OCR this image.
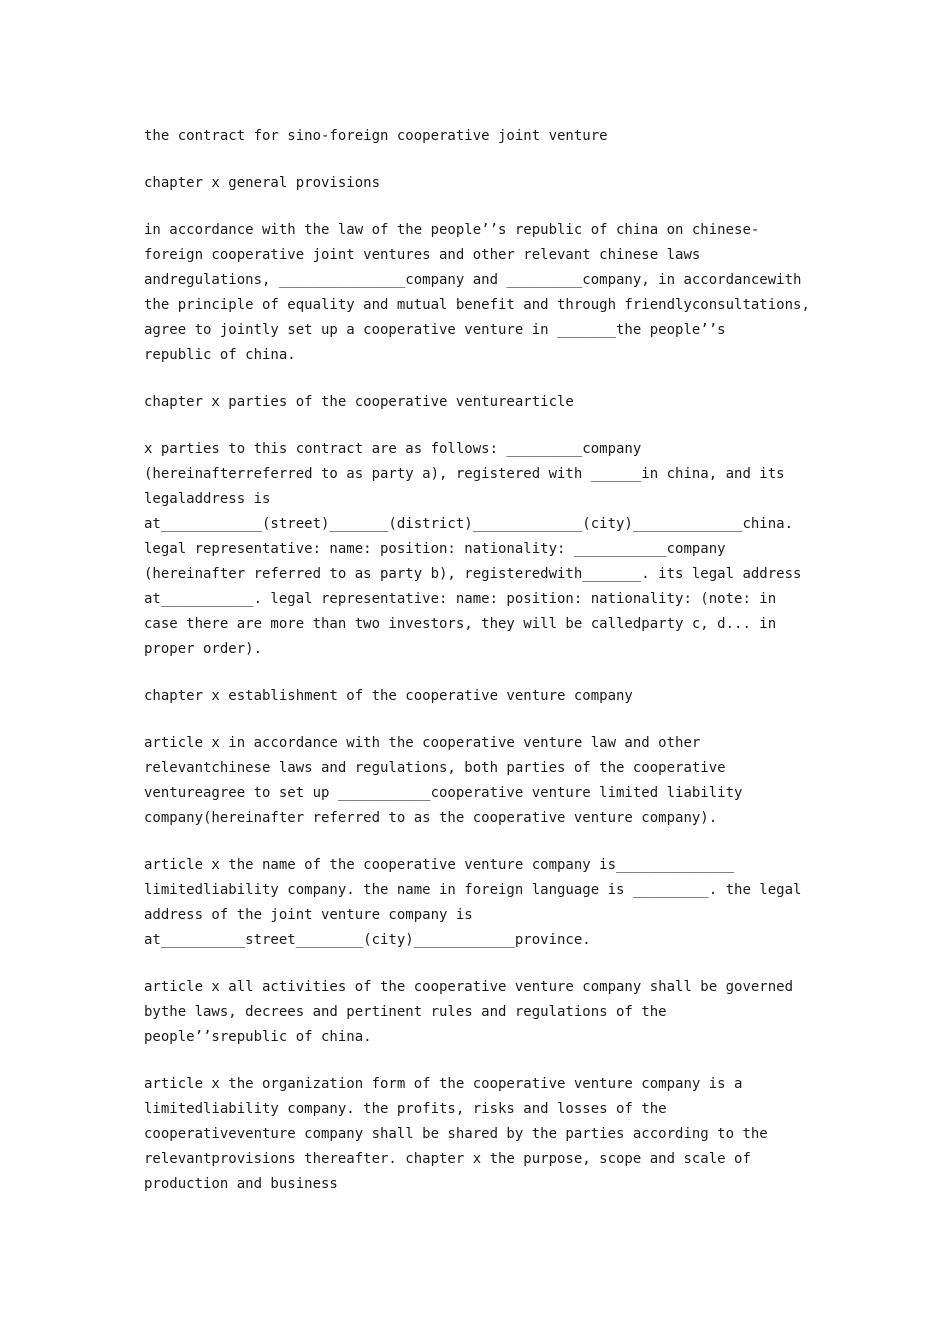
the contract for sino-foreign cooperative joint venture

chapter x general provisions

in accordance with the law of the people’’s republic of china on chinese-
foreign cooperative joint ventures and other relevant chinese laws
andregulations, _______________company and _________company, in accordancewith
the principle of equality and mutual benefit and through friendlyconsultations,
agree to jointly set up a cooperative venture in _______the people’’s
republic of china.

chapter x parties of the cooperative venturearticle

x parties to this contract are as follows: _________company
(hereinafterreferred to as party a), registered with ______in china, and its
legaladdress is
at____________(street)_______(district)_____________(city)_____________china.
legal representative: name: position: nationality: ___________company
(hereinafter referred to as party b), registeredwith_______. its legal address
at___________. legal representative: name: position: nationality: (note: in
case there are more than two investors, they will be calledparty c, d... in
proper order).

chapter x establishment of the cooperative venture company

article x in accordance with the cooperative venture law and other
relevantchinese laws and regulations, both parties of the cooperative
ventureagree to set up ___________cooperative venture limited liability
company(hereinafter referred to as the cooperative venture company).
article x the name of the cooperative venture company is______________
limitedliability company. the name in foreign language is _________. the legal
address of the joint venture company is
at__________street________(city)____________province.
article x all activities of the cooperative venture company shall be governed
bythe laws, decrees and pertinent rules and regulations of the
people’’srepublic of china.
article x the organization form of the cooperative venture company is a
limitedliability company. the profits, risks and losses of the
cooperativeventure company shall be shared by the parties according to the
relevantprovisions thereafter. chapter x the purpose, scope and scale of
production and business
